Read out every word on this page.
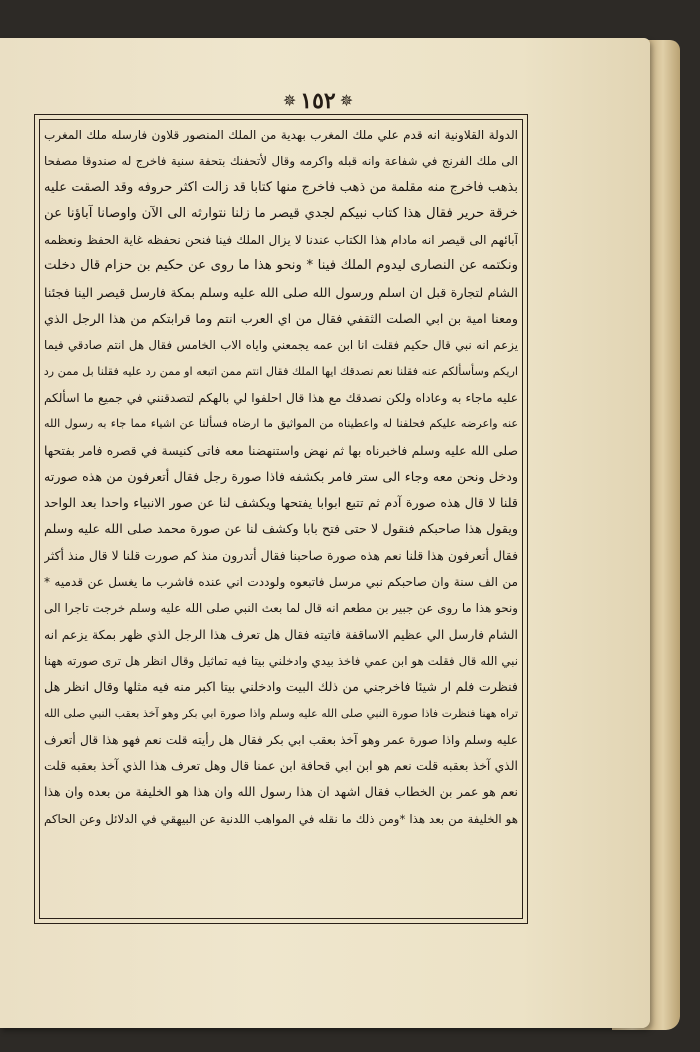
✵ ١٥٢ ✵
الدولة القلاونية انه قدم علي ملك المغرب بهدية من الملك المنصور قلاون فارسله ملك المغرب
الى ملك الفرنج في شفاعة وانه قبله واكرمه وقال لأتحفنك بتحفة سنية فاخرج له صندوقا مصفحا
بذهب فاخرج منه مقلمة من ذهب فاخرج منها كتابا قد زالت اكثر حروفه وقد الصقت عليه
خرقة حرير فقال هذا كتاب نبيكم لجدي قيصر ما زلنا نتوارثه الى الآن واوصانا آباؤنا عن
آبائهم الى قيصر انه مادام هذا الكتاب عندنا لا يزال الملك فينا فنحن نحفظه غاية الحفظ ونعظمه
ونكتمه عن النصارى ليدوم الملك فينا * ونحو هذا ما روى عن حكيم بن حزام قال دخلت
الشام لتجارة قبل ان اسلم ورسول الله صلى الله عليه وسلم بمكة فارسل قيصر الينا فجئنا
ومعنا امية بن ابي الصلت الثقفي فقال من اي العرب انتم وما قرابتكم من هذا الرجل الذي
يزعم انه نبي قال حكيم فقلت انا ابن عمه يجمعني واياه الاب الخامس فقال هل انتم صادقي فيما
اريكم وسأسألكم عنه فقلنا نعم نصدقك ايها الملك فقال انتم ممن اتبعه او ممن رد عليه فقلنا بل ممن رد
عليه ماجاء به وعاداه ولكن نصدقك مع هذا قال احلفوا لي بالهكم لتصدقنني في جميع ما اسألكم
عنه واعرضه عليكم فحلفنا له واعطيناه من المواثيق ما ارضاه فسألنا عن اشياء مما جاء به رسول الله
صلى الله عليه وسلم فاخبرناه بها ثم نهض واستنهضنا معه فاتى كنيسة في قصره فامر بفتحها
ودخل ونحن معه وجاء الى ستر فامر بكشفه فاذا صورة رجل فقال أتعرفون من هذه صورته
قلنا لا قال هذه صورة آدم ثم تتبع ابوابا يفتحها ويكشف لنا عن صور الانبياء واحدا بعد الواحد
ويقول هذا صاحبكم فنقول لا حتى فتح بابا وكشف لنا عن صورة محمد صلى الله عليه وسلم
فقال أتعرفون هذا قلنا نعم هذه صورة صاحبنا فقال أتدرون منذ كم صورت قلنا لا قال منذ أكثر
من الف سنة وان صاحبكم نبي مرسل فاتبعوه ولوددت اني عنده فاشرب ما يغسل عن قدميه *
ونحو هذا ما روى عن جبير بن مطعم انه قال لما بعث النبي صلى الله عليه وسلم خرجت تاجرا الى
الشام فارسل الي عظيم الاساقفة فاتيته فقال هل تعرف هذا الرجل الذي ظهر بمكة يزعم انه
نبي الله قال فقلت هو ابن عمي فاخذ بيدي وادخلني بيتا فيه تماثيل وقال انظر هل ترى صورته ههنا
فنظرت فلم ار شيئا فاخرجني من ذلك البيت وادخلني بيتا اكبر منه فيه مثلها وقال انظر هل
تراه ههنا فنظرت فاذا صورة النبي صلى الله عليه وسلم واذا صورة ابي بكر وهو آخذ بعقب النبي صلى الله
عليه وسلم واذا صورة عمر وهو آخذ بعقب ابي بكر فقال هل رأيته قلت نعم فهو هذا قال أتعرف
الذي آخذ بعقبه قلت نعم هو ابن ابي قحافة ابن عمنا قال وهل تعرف هذا الذي آخذ بعقبه قلت
نعم هو عمر بن الخطاب فقال اشهد ان هذا رسول الله وان هذا هو الخليفة من بعده وان هذا
هو الخليفة من بعد هذا *ومن ذلك ما نقله في المواهب اللدنية عن البيهقي في الدلائل وعن الحاكم
